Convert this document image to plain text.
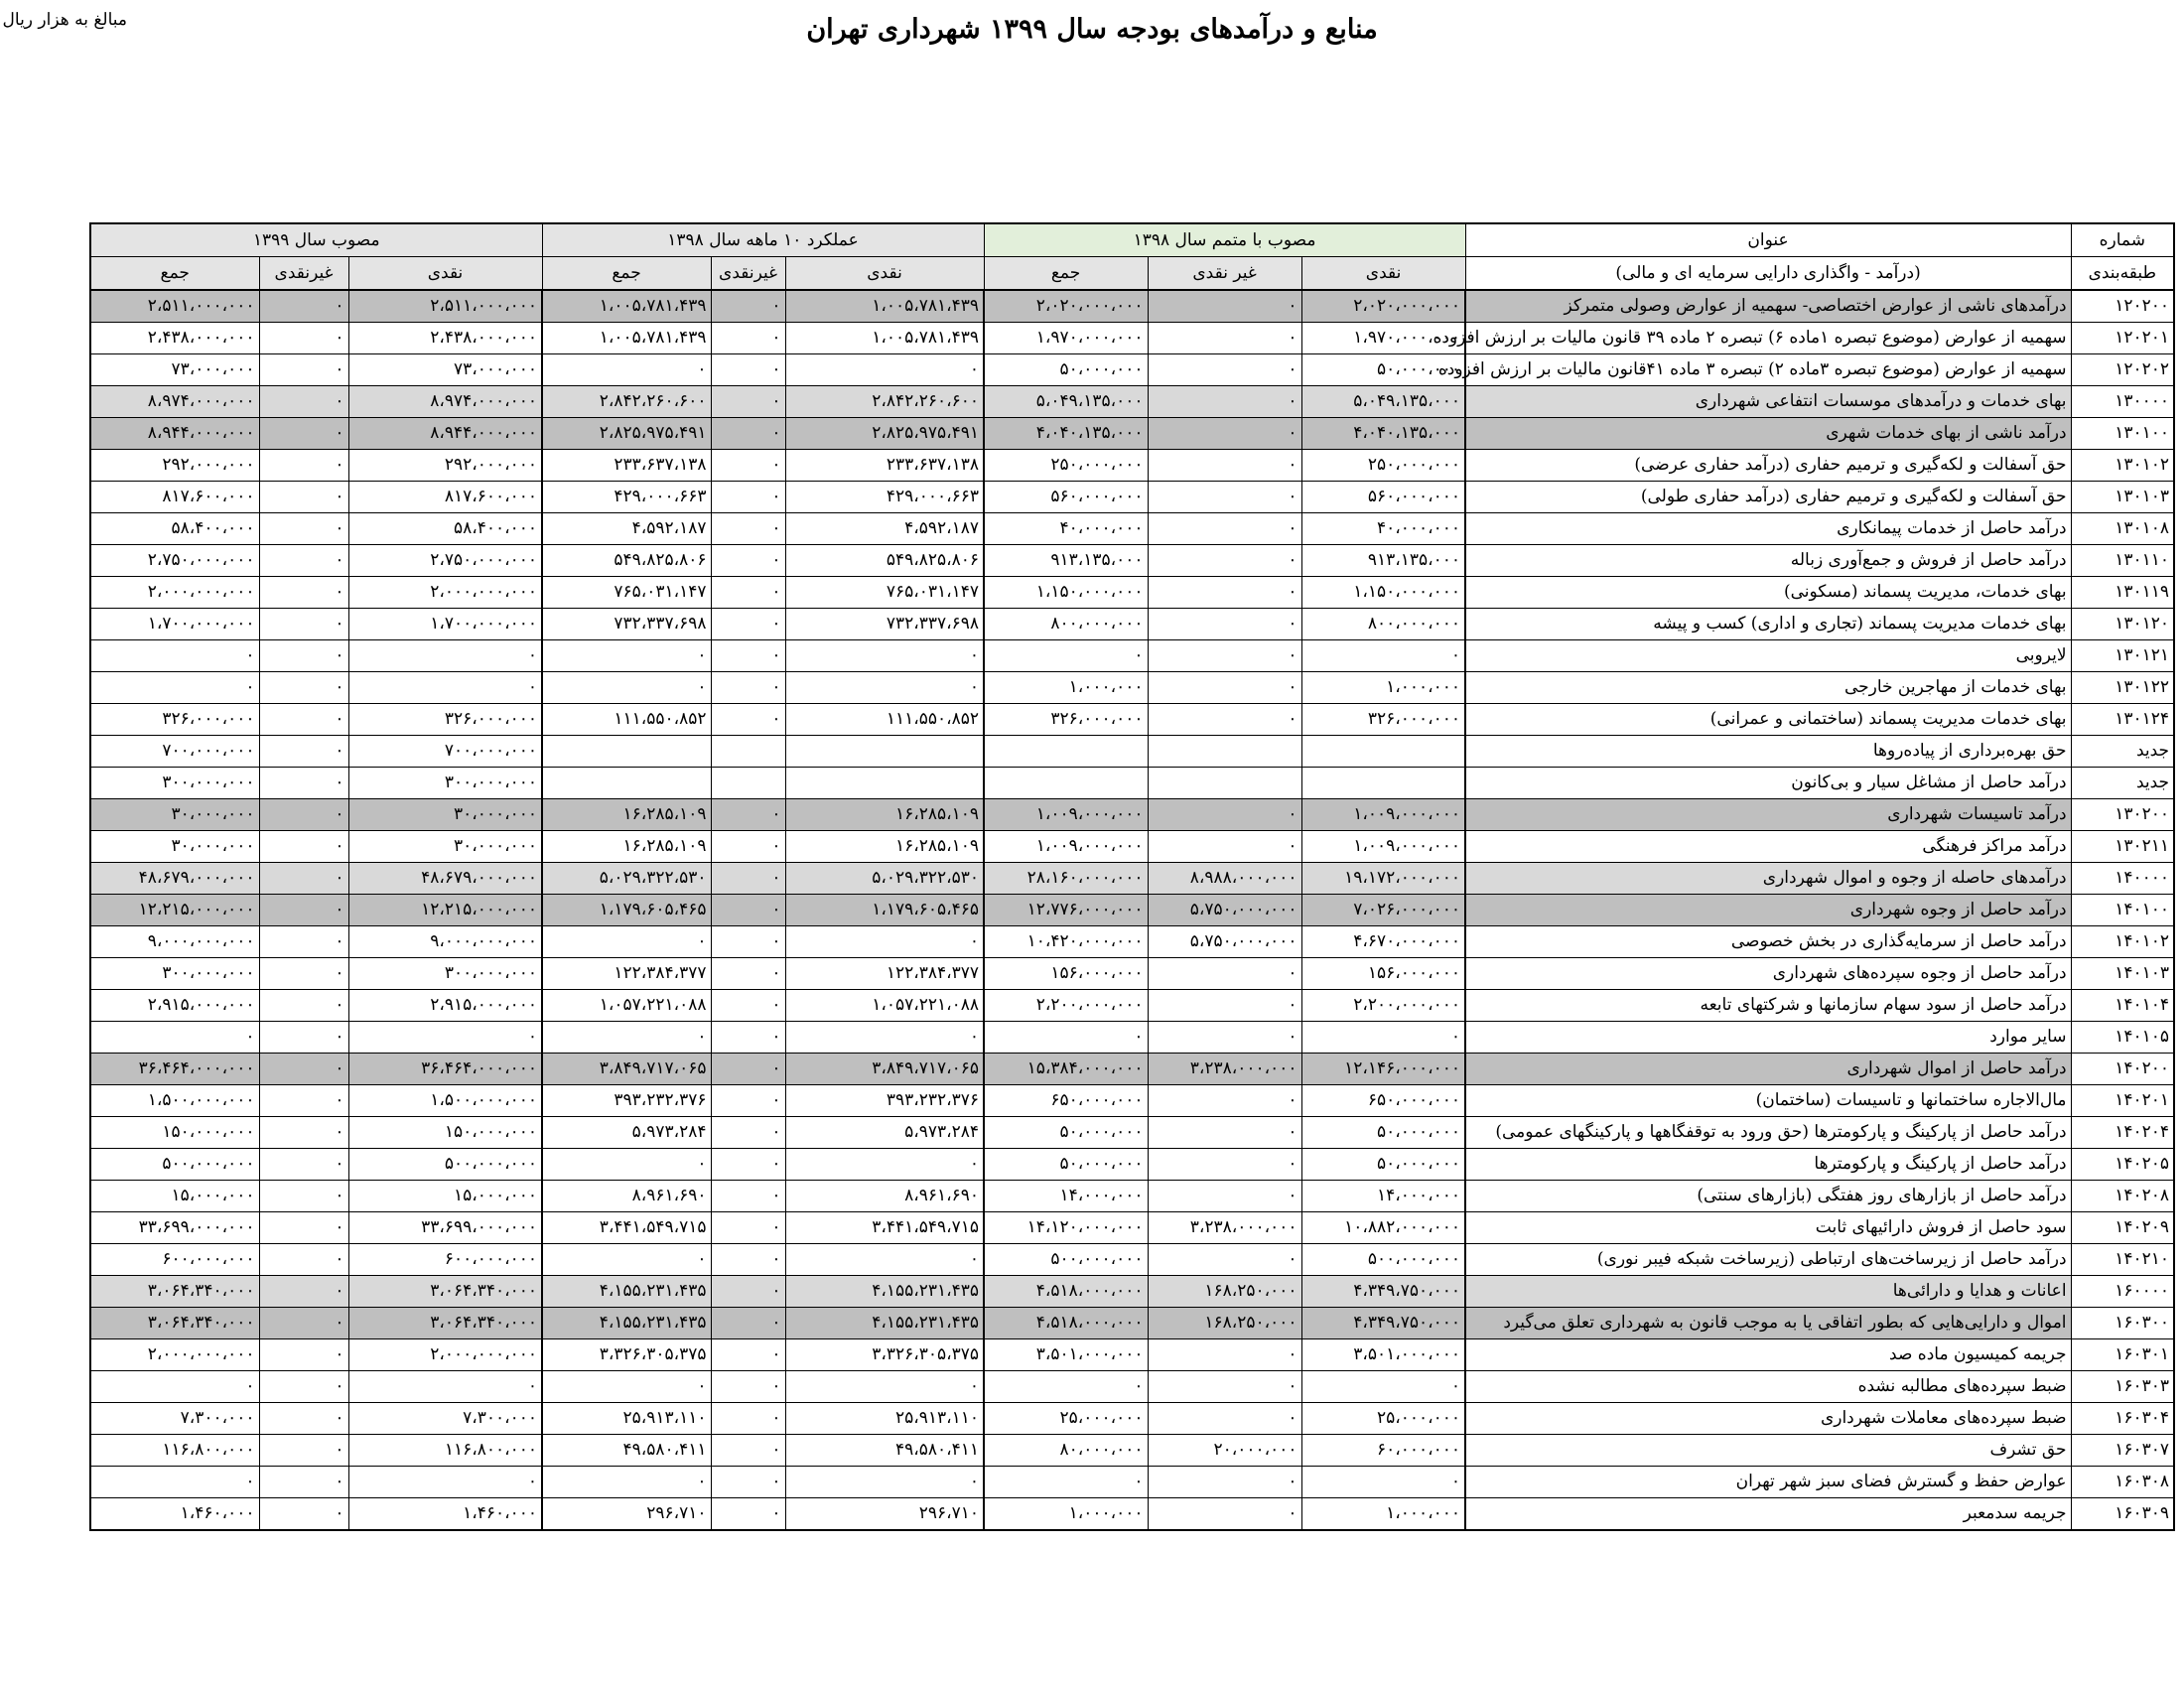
منابع و درآمدهای بودجه سال ۱۳۹۹ شهرداری تهران
مبالغ به هزار ریال
شماره	عنوان	مصوب با متمم سال ۱۳۹۸			عملکرد ۱۰ ماهه سال ۱۳۹۸			مصوب سال ۱۳۹۹		
طبقه‌بندی	(درآمد - واگذاری دارایی سرمایه ای و مالی)	نقدی	غیر نقدی	جمع	نقدی	غیرنقدی	جمع	نقدی	غیرنقدی	جمع
۱۲۰۲۰۰	درآمدهای ناشی از عوارض اختصاصی- سهمیه از عوارض وصولی متمرکز	۲،۰۲۰،۰۰۰،۰۰۰	۰	۲،۰۲۰،۰۰۰،۰۰۰	۱،۰۰۵،۷۸۱،۴۳۹	۰	۱،۰۰۵،۷۸۱،۴۳۹	۲،۵۱۱،۰۰۰،۰۰۰	۰	۲،۵۱۱،۰۰۰،۰۰۰
۱۲۰۲۰۱	سهمیه از عوارض (موضوع تبصره ۱ماده ۶) تبصره ۲ ماده ۳۹ قانون مالیات بر ارزش افزوده	۱،۹۷۰،۰۰۰،۰۰۰	۰	۱،۹۷۰،۰۰۰،۰۰۰	۱،۰۰۵،۷۸۱،۴۳۹	۰	۱،۰۰۵،۷۸۱،۴۳۹	۲،۴۳۸،۰۰۰،۰۰۰	۰	۲،۴۳۸،۰۰۰،۰۰۰
۱۲۰۲۰۲	سهمیه از عوارض (موضوع تبصره ۳ماده ۲) تبصره ۳ ماده ۴۱قانون مالیات بر ارزش افزوده	۵۰،۰۰۰،۰۰۰	۰	۵۰،۰۰۰،۰۰۰	۰	۰	۰	۷۳،۰۰۰،۰۰۰	۰	۷۳،۰۰۰،۰۰۰
۱۳۰۰۰۰	بهای خدمات و درآمدهای موسسات انتفاعی شهرداری	۵،۰۴۹،۱۳۵،۰۰۰	۰	۵،۰۴۹،۱۳۵،۰۰۰	۲،۸۴۲،۲۶۰،۶۰۰	۰	۲،۸۴۲،۲۶۰،۶۰۰	۸،۹۷۴،۰۰۰،۰۰۰	۰	۸،۹۷۴،۰۰۰،۰۰۰
۱۳۰۱۰۰	درآمد ناشی از بهای خدمات شهری	۴،۰۴۰،۱۳۵،۰۰۰	۰	۴،۰۴۰،۱۳۵،۰۰۰	۲،۸۲۵،۹۷۵،۴۹۱	۰	۲،۸۲۵،۹۷۵،۴۹۱	۸،۹۴۴،۰۰۰،۰۰۰	۰	۸،۹۴۴،۰۰۰،۰۰۰
۱۳۰۱۰۲	حق آسفالت و لکه‌گیری و ترمیم حفاری (درآمد حفاری عرضی)	۲۵۰،۰۰۰،۰۰۰	۰	۲۵۰،۰۰۰،۰۰۰	۲۳۳،۶۳۷،۱۳۸	۰	۲۳۳،۶۳۷،۱۳۸	۲۹۲،۰۰۰،۰۰۰	۰	۲۹۲،۰۰۰،۰۰۰
۱۳۰۱۰۳	حق آسفالت و لکه‌گیری و ترمیم حفاری (درآمد حفاری طولی)	۵۶۰،۰۰۰،۰۰۰	۰	۵۶۰،۰۰۰،۰۰۰	۴۲۹،۰۰۰،۶۶۳	۰	۴۲۹،۰۰۰،۶۶۳	۸۱۷،۶۰۰،۰۰۰	۰	۸۱۷،۶۰۰،۰۰۰
۱۳۰۱۰۸	درآمد حاصل از خدمات پیمانکاری	۴۰،۰۰۰،۰۰۰	۰	۴۰،۰۰۰،۰۰۰	۴،۵۹۲،۱۸۷	۰	۴،۵۹۲،۱۸۷	۵۸،۴۰۰،۰۰۰	۰	۵۸،۴۰۰،۰۰۰
۱۳۰۱۱۰	درآمد حاصل از فروش و جمع‌آوری زباله	۹۱۳،۱۳۵،۰۰۰	۰	۹۱۳،۱۳۵،۰۰۰	۵۴۹،۸۲۵،۸۰۶	۰	۵۴۹،۸۲۵،۸۰۶	۲،۷۵۰،۰۰۰،۰۰۰	۰	۲،۷۵۰،۰۰۰،۰۰۰
۱۳۰۱۱۹	بهای خدمات، مدیریت پسماند (مسکونی)	۱،۱۵۰،۰۰۰،۰۰۰	۰	۱،۱۵۰،۰۰۰،۰۰۰	۷۶۵،۰۳۱،۱۴۷	۰	۷۶۵،۰۳۱،۱۴۷	۲،۰۰۰،۰۰۰،۰۰۰	۰	۲،۰۰۰،۰۰۰،۰۰۰
۱۳۰۱۲۰	بهای خدمات مدیریت پسماند (تجاری و اداری) کسب و پیشه	۸۰۰،۰۰۰،۰۰۰	۰	۸۰۰،۰۰۰،۰۰۰	۷۳۲،۳۳۷،۶۹۸	۰	۷۳۲،۳۳۷،۶۹۸	۱،۷۰۰،۰۰۰،۰۰۰	۰	۱،۷۰۰،۰۰۰،۰۰۰
۱۳۰۱۲۱	لایروبی	۰	۰	۰	۰	۰	۰	۰	۰	۰
۱۳۰۱۲۲	بهای خدمات از مهاجرین خارجی	۱،۰۰۰،۰۰۰	۰	۱،۰۰۰،۰۰۰	۰	۰	۰	۰	۰	۰
۱۳۰۱۲۴	بهای خدمات مدیریت پسماند (ساختمانی و عمرانی)	۳۲۶،۰۰۰،۰۰۰	۰	۳۲۶،۰۰۰،۰۰۰	۱۱۱،۵۵۰،۸۵۲	۰	۱۱۱،۵۵۰،۸۵۲	۳۲۶،۰۰۰،۰۰۰	۰	۳۲۶،۰۰۰،۰۰۰
جدید	حق بهره‌برداری از پیاده‌روها							۷۰۰،۰۰۰،۰۰۰	۰	۷۰۰،۰۰۰،۰۰۰
جدید	درآمد حاصل از مشاغل سیار و بی‌کانون							۳۰۰،۰۰۰،۰۰۰	۰	۳۰۰،۰۰۰،۰۰۰
۱۳۰۲۰۰	درآمد تاسیسات شهرداری	۱،۰۰۹،۰۰۰،۰۰۰	۰	۱،۰۰۹،۰۰۰،۰۰۰	۱۶،۲۸۵،۱۰۹	۰	۱۶،۲۸۵،۱۰۹	۳۰،۰۰۰،۰۰۰	۰	۳۰،۰۰۰،۰۰۰
۱۳۰۲۱۱	درآمد مراکز فرهنگی	۱،۰۰۹،۰۰۰،۰۰۰	۰	۱،۰۰۹،۰۰۰،۰۰۰	۱۶،۲۸۵،۱۰۹	۰	۱۶،۲۸۵،۱۰۹	۳۰،۰۰۰،۰۰۰	۰	۳۰،۰۰۰،۰۰۰
۱۴۰۰۰۰	درآمدهای حاصله از وجوه و اموال شهرداری	۱۹،۱۷۲،۰۰۰،۰۰۰	۸،۹۸۸،۰۰۰،۰۰۰	۲۸،۱۶۰،۰۰۰،۰۰۰	۵،۰۲۹،۳۲۲،۵۳۰	۰	۵،۰۲۹،۳۲۲،۵۳۰	۴۸،۶۷۹،۰۰۰،۰۰۰	۰	۴۸،۶۷۹،۰۰۰،۰۰۰
۱۴۰۱۰۰	درآمد حاصل از وجوه شهرداری	۷،۰۲۶،۰۰۰،۰۰۰	۵،۷۵۰،۰۰۰،۰۰۰	۱۲،۷۷۶،۰۰۰،۰۰۰	۱،۱۷۹،۶۰۵،۴۶۵	۰	۱،۱۷۹،۶۰۵،۴۶۵	۱۲،۲۱۵،۰۰۰،۰۰۰	۰	۱۲،۲۱۵،۰۰۰،۰۰۰
۱۴۰۱۰۲	درآمد حاصل از سرمایه‌گذاری در بخش خصوصی	۴،۶۷۰،۰۰۰،۰۰۰	۵،۷۵۰،۰۰۰،۰۰۰	۱۰،۴۲۰،۰۰۰،۰۰۰	۰	۰	۰	۹،۰۰۰،۰۰۰،۰۰۰	۰	۹،۰۰۰،۰۰۰،۰۰۰
۱۴۰۱۰۳	درآمد حاصل از وجوه سپرده‌های شهرداری	۱۵۶،۰۰۰،۰۰۰	۰	۱۵۶،۰۰۰،۰۰۰	۱۲۲،۳۸۴،۳۷۷	۰	۱۲۲،۳۸۴،۳۷۷	۳۰۰،۰۰۰،۰۰۰	۰	۳۰۰،۰۰۰،۰۰۰
۱۴۰۱۰۴	درآمد حاصل از سود سهام سازمانها و شرکتهای تابعه	۲،۲۰۰،۰۰۰،۰۰۰	۰	۲،۲۰۰،۰۰۰،۰۰۰	۱،۰۵۷،۲۲۱،۰۸۸	۰	۱،۰۵۷،۲۲۱،۰۸۸	۲،۹۱۵،۰۰۰،۰۰۰	۰	۲،۹۱۵،۰۰۰،۰۰۰
۱۴۰۱۰۵	سایر موارد	۰	۰	۰	۰	۰	۰	۰	۰	۰
۱۴۰۲۰۰	درآمد حاصل از اموال شهرداری	۱۲،۱۴۶،۰۰۰،۰۰۰	۳،۲۳۸،۰۰۰،۰۰۰	۱۵،۳۸۴،۰۰۰،۰۰۰	۳،۸۴۹،۷۱۷،۰۶۵	۰	۳،۸۴۹،۷۱۷،۰۶۵	۳۶،۴۶۴،۰۰۰،۰۰۰	۰	۳۶،۴۶۴،۰۰۰،۰۰۰
۱۴۰۲۰۱	مال‌الاجاره ساختمانها و تاسیسات (ساختمان)	۶۵۰،۰۰۰،۰۰۰	۰	۶۵۰،۰۰۰،۰۰۰	۳۹۳،۲۳۲،۳۷۶	۰	۳۹۳،۲۳۲،۳۷۶	۱،۵۰۰،۰۰۰،۰۰۰	۰	۱،۵۰۰،۰۰۰،۰۰۰
۱۴۰۲۰۴	درآمد حاصل از پارکینگ و پارکومترها (حق ورود به توقفگاهها و پارکینگهای عمومی)	۵۰،۰۰۰،۰۰۰	۰	۵۰،۰۰۰،۰۰۰	۵،۹۷۳،۲۸۴	۰	۵،۹۷۳،۲۸۴	۱۵۰،۰۰۰،۰۰۰	۰	۱۵۰،۰۰۰،۰۰۰
۱۴۰۲۰۵	درآمد حاصل از پارکینگ و پارکومترها	۵۰،۰۰۰،۰۰۰	۰	۵۰،۰۰۰،۰۰۰	۰	۰	۰	۵۰۰،۰۰۰،۰۰۰	۰	۵۰۰،۰۰۰،۰۰۰
۱۴۰۲۰۸	درآمد حاصل از بازارهای روز هفتگی (بازارهای سنتی)	۱۴،۰۰۰،۰۰۰	۰	۱۴،۰۰۰،۰۰۰	۸،۹۶۱،۶۹۰	۰	۸،۹۶۱،۶۹۰	۱۵،۰۰۰،۰۰۰	۰	۱۵،۰۰۰،۰۰۰
۱۴۰۲۰۹	سود حاصل از فروش دارائیهای ثابت	۱۰،۸۸۲،۰۰۰،۰۰۰	۳،۲۳۸،۰۰۰،۰۰۰	۱۴،۱۲۰،۰۰۰،۰۰۰	۳،۴۴۱،۵۴۹،۷۱۵	۰	۳،۴۴۱،۵۴۹،۷۱۵	۳۳،۶۹۹،۰۰۰،۰۰۰	۰	۳۳،۶۹۹،۰۰۰،۰۰۰
۱۴۰۲۱۰	درآمد حاصل از زیرساخت‌های ارتباطی (زیرساخت شبکه فیبر نوری)	۵۰۰،۰۰۰،۰۰۰	۰	۵۰۰،۰۰۰،۰۰۰	۰	۰	۰	۶۰۰،۰۰۰،۰۰۰	۰	۶۰۰،۰۰۰،۰۰۰
۱۶۰۰۰۰	اعانات و هدایا و دارائی‌ها	۴،۳۴۹،۷۵۰،۰۰۰	۱۶۸،۲۵۰،۰۰۰	۴،۵۱۸،۰۰۰،۰۰۰	۴،۱۵۵،۲۳۱،۴۳۵	۰	۴،۱۵۵،۲۳۱،۴۳۵	۳،۰۶۴،۳۴۰،۰۰۰	۰	۳،۰۶۴،۳۴۰،۰۰۰
۱۶۰۳۰۰	اموال و دارایی‌هایی که بطور اتفاقی یا به موجب قانون به شهرداری تعلق می‌گیرد	۴،۳۴۹،۷۵۰،۰۰۰	۱۶۸،۲۵۰،۰۰۰	۴،۵۱۸،۰۰۰،۰۰۰	۴،۱۵۵،۲۳۱،۴۳۵	۰	۴،۱۵۵،۲۳۱،۴۳۵	۳،۰۶۴،۳۴۰،۰۰۰	۰	۳،۰۶۴،۳۴۰،۰۰۰
۱۶۰۳۰۱	جریمه کمیسیون ماده صد	۳،۵۰۱،۰۰۰،۰۰۰	۰	۳،۵۰۱،۰۰۰،۰۰۰	۳،۳۲۶،۳۰۵،۳۷۵	۰	۳،۳۲۶،۳۰۵،۳۷۵	۲،۰۰۰،۰۰۰،۰۰۰	۰	۲،۰۰۰،۰۰۰،۰۰۰
۱۶۰۳۰۳	ضبط سپرده‌های مطالبه نشده	۰	۰	۰	۰	۰	۰	۰	۰	۰
۱۶۰۳۰۴	ضبط سپرده‌های معاملات شهرداری	۲۵،۰۰۰،۰۰۰	۰	۲۵،۰۰۰،۰۰۰	۲۵،۹۱۳،۱۱۰	۰	۲۵،۹۱۳،۱۱۰	۷،۳۰۰،۰۰۰	۰	۷،۳۰۰،۰۰۰
۱۶۰۳۰۷	حق تشرف	۶۰،۰۰۰،۰۰۰	۲۰،۰۰۰،۰۰۰	۸۰،۰۰۰،۰۰۰	۴۹،۵۸۰،۴۱۱	۰	۴۹،۵۸۰،۴۱۱	۱۱۶،۸۰۰،۰۰۰	۰	۱۱۶،۸۰۰،۰۰۰
۱۶۰۳۰۸	عوارض حفظ و گسترش فضای سبز شهر تهران	۰	۰	۰	۰	۰	۰	۰	۰	۰
۱۶۰۳۰۹	جریمه سدمعبر	۱،۰۰۰،۰۰۰	۰	۱،۰۰۰،۰۰۰	۲۹۶،۷۱۰	۰	۲۹۶،۷۱۰	۱،۴۶۰،۰۰۰	۰	۱،۴۶۰،۰۰۰
